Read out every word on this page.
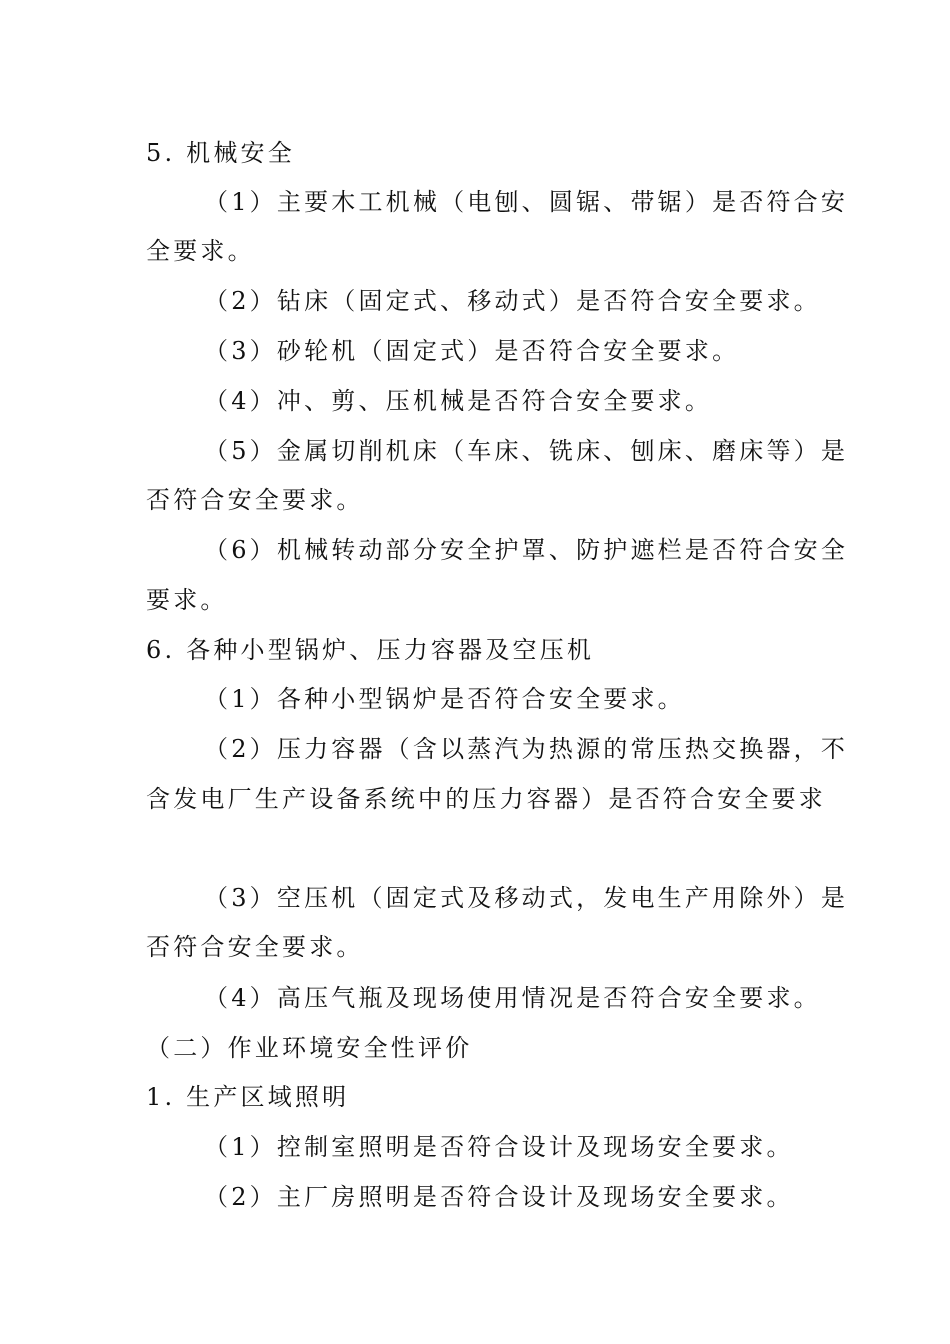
5. 机械安全
（1）主要木工机械（电刨、圆锯、带锯）是否符合安
全要求。
（2）钻床（固定式、移动式）是否符合安全要求。
（3）砂轮机（固定式）是否符合安全要求。
（4）冲、剪、压机械是否符合安全要求。
（5）金属切削机床（车床、铣床、刨床、磨床等）是
否符合安全要求。
（6）机械转动部分安全护罩、防护遮栏是否符合安全
要求。
6. 各种小型锅炉、压力容器及空压机
（1）各种小型锅炉是否符合安全要求。
（2）压力容器（含以蒸汽为热源的常压热交换器，不
含发电厂生产设备系统中的压力容器）是否符合安全要求
（3）空压机（固定式及移动式，发电生产用除外）是
否符合安全要求。
（4）高压气瓶及现场使用情况是否符合安全要求。
（二）作业环境安全性评价
1. 生产区域照明
（1）控制室照明是否符合设计及现场安全要求。
（2）主厂房照明是否符合设计及现场安全要求。
